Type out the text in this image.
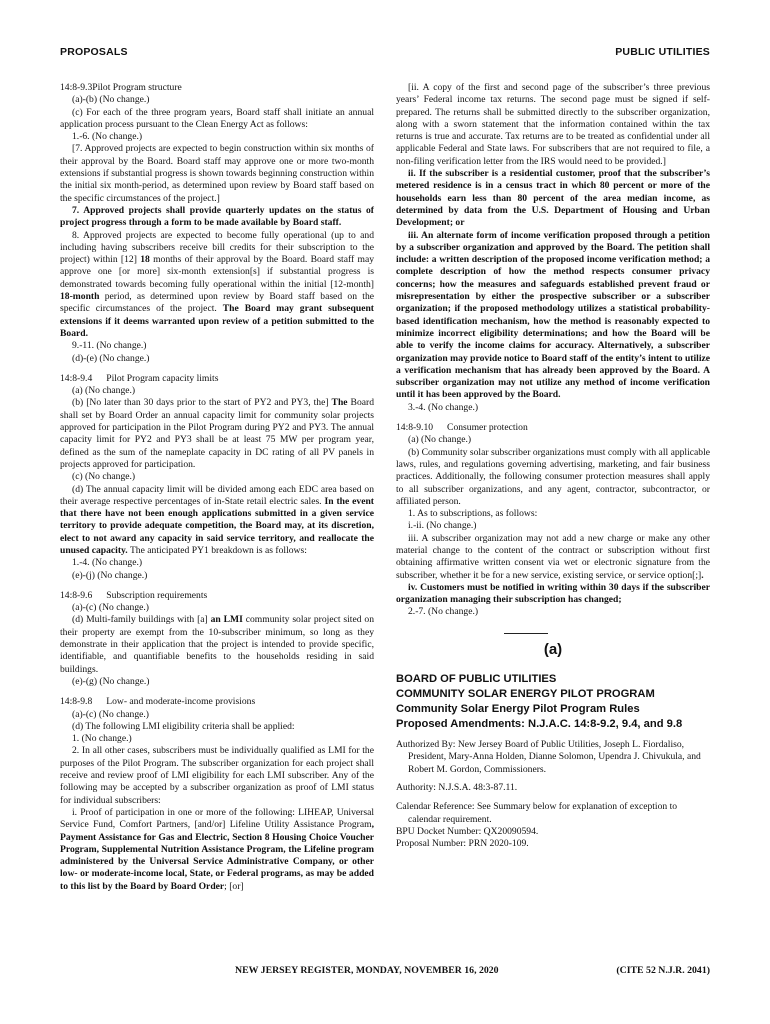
PROPOSALS	PUBLIC UTILITIES

14:8-9.3Pilot Program structure

(a)-(b) (No change.)

(c) For each of the three program years, Board staff shall initiate an annual application process pursuant to the Clean Energy Act as follows:

1.-6. (No change.)

[7. Approved projects are expected to begin construction within six months of their approval by the Board. Board staff may approve one or more two-month extensions if substantial progress is shown towards beginning construction within the initial six month-period, as determined upon review by Board staff based on the specific circumstances of the project.]

7. Approved projects shall provide quarterly updates on the status of project progress through a form to be made available by Board staff.

8. Approved projects are expected to become fully operational (up to and including having subscribers receive bill credits for their subscription to the project) within [12] 18 months of their approval by the Board. Board staff may approve one [or more] six-month extension[s] if substantial progress is demonstrated towards becoming fully operational within the initial [12-month] 18-month period, as determined upon review by Board staff based on the specific circumstances of the project. The Board may grant subsequent extensions if it deems warranted upon review of a petition submitted to the Board.

9.-11. (No change.)

(d)-(e) (No change.)

14:8-9.4 Pilot Program capacity limits

(a) (No change.)

(b) [No later than 30 days prior to the start of PY2 and PY3, the] The Board shall set by Board Order an annual capacity limit for community solar projects approved for participation in the Pilot Program during PY2 and PY3. The annual capacity limit for PY2 and PY3 shall be at least 75 MW per program year, defined as the sum of the nameplate capacity in DC rating of all PV panels in projects approved for participation.

(c) (No change.)

(d) The annual capacity limit will be divided among each EDC area based on their average respective percentages of in-State retail electric sales. In the event that there have not been enough applications submitted in a given service territory to provide adequate competition, the Board may, at its discretion, elect to not award any capacity in said service territory, and reallocate the unused capacity. The anticipated PY1 breakdown is as follows:

1.-4. (No change.)

(e)-(j) (No change.)

14:8-9.6 Subscription requirements

(a)-(c) (No change.)

(d) Multi-family buildings with [a] an LMI community solar project sited on their property are exempt from the 10-subscriber minimum, so long as they demonstrate in their application that the project is intended to provide specific, identifiable, and quantifiable benefits to the households residing in said buildings.

(e)-(g) (No change.)

14:8-9.8 Low- and moderate-income provisions

(a)-(c) (No change.)

(d) The following LMI eligibility criteria shall be applied:

1. (No change.)

2. In all other cases, subscribers must be individually qualified as LMI for the purposes of the Pilot Program. The subscriber organization for each project shall receive and review proof of LMI eligibility for each LMI subscriber. Any of the following may be accepted by a subscriber organization as proof of LMI status for individual subscribers:

i. Proof of participation in one or more of the following: LIHEAP, Universal Service Fund, Comfort Partners, [and/or] Lifeline Utility Assistance Program, Payment Assistance for Gas and Electric, Section 8 Housing Choice Voucher Program, Supplemental Nutrition Assistance Program, the Lifeline program administered by the Universal Service Administrative Company, or other low- or moderate-income local, State, or Federal programs, as may be added to this list by the Board by Board Order; [or]

[ii. A copy of the first and second page of the subscriber’s three previous years’ Federal income tax returns. The second page must be signed if self-prepared. The returns shall be submitted directly to the subscriber organization, along with a sworn statement that the information contained within the tax returns is true and accurate. Tax returns are to be treated as confidential under all applicable Federal and State laws. For subscribers that are not required to file, a non-filing verification letter from the IRS would need to be provided.]

ii. If the subscriber is a residential customer, proof that the subscriber’s metered residence is in a census tract in which 80 percent or more of the households earn less than 80 percent of the area median income, as determined by data from the U.S. Department of Housing and Urban Development; or

iii. An alternate form of income verification proposed through a petition by a subscriber organization and approved by the Board. The petition shall include: a written description of the proposed income verification method; a complete description of how the method respects consumer privacy concerns; how the measures and safeguards established prevent fraud or misrepresentation by either the prospective subscriber or a subscriber organization; if the proposed methodology utilizes a statistical probability-based identification mechanism, how the method is reasonably expected to minimize incorrect eligibility determinations; and how the Board will be able to verify the income claims for accuracy. Alternatively, a subscriber organization may provide notice to Board staff of the entity’s intent to utilize a verification mechanism that has already been approved by the Board. A subscriber organization may not utilize any method of income verification until it has been approved by the Board.

3.-4. (No change.)

14:8-9.10 Consumer protection

(a) (No change.)

(b) Community solar subscriber organizations must comply with all applicable laws, rules, and regulations governing advertising, marketing, and fair business practices. Additionally, the following consumer protection measures shall apply to all subscriber organizations, and any agent, contractor, subcontractor, or affiliated person.

1. As to subscriptions, as follows:

i.-ii. (No change.)

iii. A subscriber organization may not add a new charge or make any other material change to the content of the contract or subscription without first obtaining affirmative written consent via wet or electronic signature from the subscriber, whether it be for a new service, existing service, or service option[;].

iv. Customers must be notified in writing within 30 days if the subscriber organization managing their subscription has changed;

2.-7. (No change.)

(a)

BOARD OF PUBLIC UTILITIES

COMMUNITY SOLAR ENERGY PILOT PROGRAM

Community Solar Energy Pilot Program Rules

Proposed Amendments: N.J.A.C. 14:8-9.2, 9.4, and 9.8

Authorized By: New Jersey Board of Public Utilities, Joseph L. Fiordaliso, President, Mary-Anna Holden, Dianne Solomon, Upendra J. Chivukula, and Robert M. Gordon, Commissioners.

Authority: N.J.S.A. 48:3-87.11.

Calendar Reference: See Summary below for explanation of exception to calendar requirement.

BPU Docket Number: QX20090594.

Proposal Number: PRN 2020-109.

NEW JERSEY REGISTER, MONDAY, NOVEMBER 16, 2020	(CITE 52 N.J.R. 2041)
